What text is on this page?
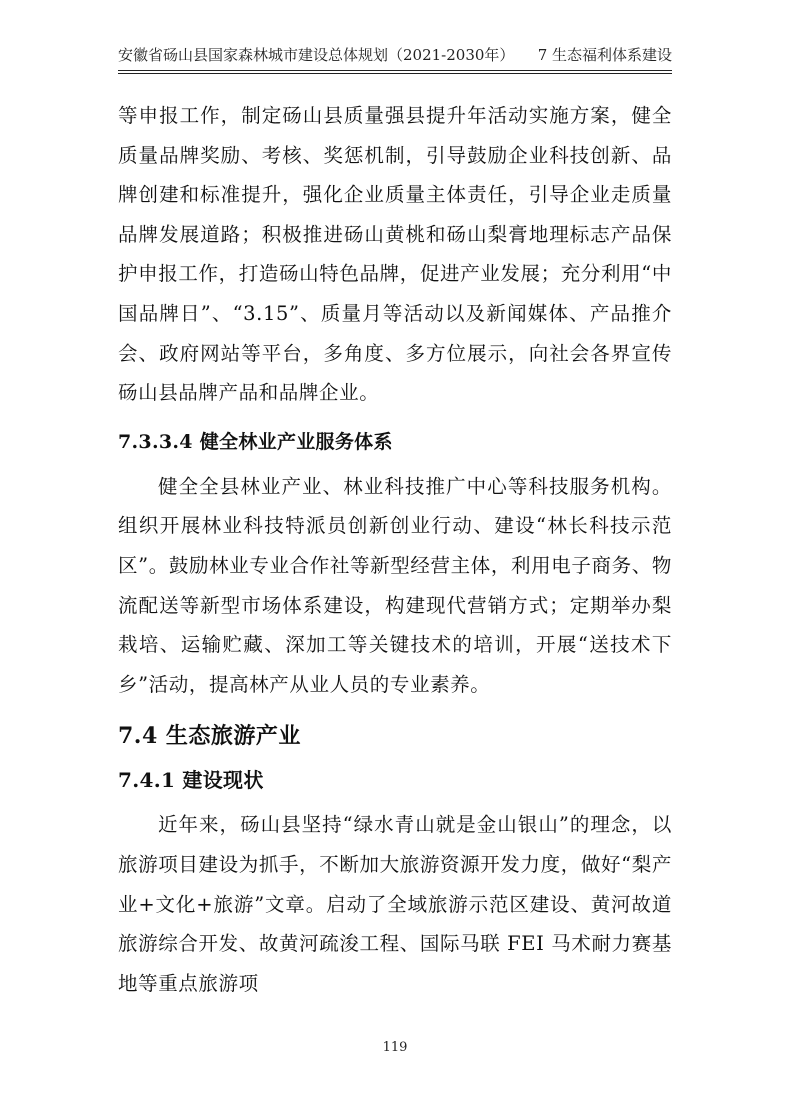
安徽省砀山县国家森林城市建设总体规划（2021-2030年） 7 生态福利体系建设

等申报工作，制定砀山县质量强县提升年活动实施方案，健全质量品牌奖励、考核、奖惩机制，引导鼓励企业科技创新、品牌创建和标准提升，强化企业质量主体责任，引导企业走质量品牌发展道路；积极推进砀山黄桃和砀山梨膏地理标志产品保护申报工作，打造砀山特色品牌，促进产业发展；充分利用“中国品牌日”、“3.15”、质量月等活动以及新闻媒体、产品推介会、政府网站等平台，多角度、多方位展示，向社会各界宣传砀山县品牌产品和品牌企业。

7.3.3.4 健全林业产业服务体系

健全全县林业产业、林业科技推广中心等科技服务机构。组织开展林业科技特派员创新创业行动、建设“林长科技示范区”。鼓励林业专业合作社等新型经营主体，利用电子商务、物流配送等新型市场体系建设，构建现代营销方式；定期举办梨栽培、运输贮藏、深加工等关键技术的培训，开展“送技术下乡”活动，提高林产从业人员的专业素养。

7.4 生态旅游产业
7.4.1 建设现状

近年来，砀山县坚持“绿水青山就是金山银山”的理念，以旅游项目建设为抓手，不断加大旅游资源开发力度，做好“梨产业+文化+旅游”文章。启动了全域旅游示范区建设、黄河故道旅游综合开发、故黄河疏浚工程、国际马联 FEI 马术耐力赛基地等重点旅游项

119
